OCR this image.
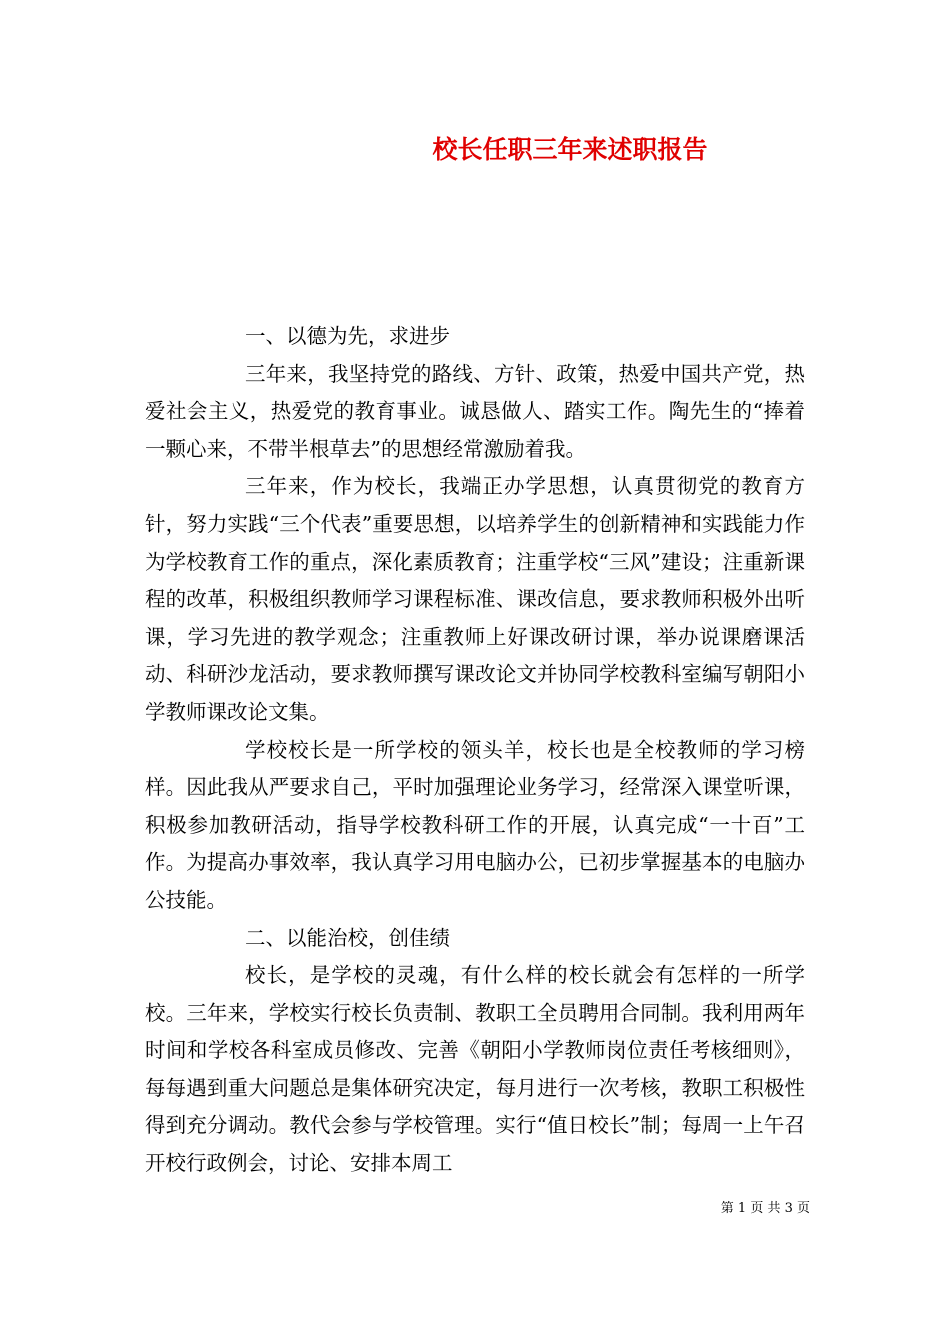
校长任职三年来述职报告

一、以德为先，求进步

三年来，我坚持党的路线、方针、政策，热爱中国共产党，热爱社会主义，热爱党的教育事业。诚恳做人、踏实工作。陶先生的“捧着一颗心来，不带半根草去”的思想经常激励着我。

三年来，作为校长，我端正办学思想，认真贯彻党的教育方针，努力实践“三个代表”重要思想，以培养学生的创新精神和实践能力作为学校教育工作的重点，深化素质教育；注重学校“三风”建设；注重新课程的改革，积极组织教师学习课程标准、课改信息，要求教师积极外出听课，学习先进的教学观念；注重教师上好课改研讨课，举办说课磨课活动、科研沙龙活动，要求教师撰写课改论文并协同学校教科室编写朝阳小学教师课改论文集。

学校校长是一所学校的领头羊，校长也是全校教师的学习榜样。因此我从严要求自己，平时加强理论业务学习，经常深入课堂听课，积极参加教研活动，指导学校教科研工作的开展，认真完成“一十百”工作。为提高办事效率，我认真学习用电脑办公，已初步掌握基本的电脑办公技能。

二、以能治校，创佳绩

校长，是学校的灵魂，有什么样的校长就会有怎样的一所学校。三年来，学校实行校长负责制、教职工全员聘用合同制。我利用两年时间和学校各科室成员修改、完善《朝阳小学教师岗位责任考核细则》，每每遇到重大问题总是集体研究决定，每月进行一次考核，教职工积极性得到充分调动。教代会参与学校管理。实行“值日校长”制；每周一上午召开校行政例会，讨论、安排本周工

第 1 页 共 3 页
